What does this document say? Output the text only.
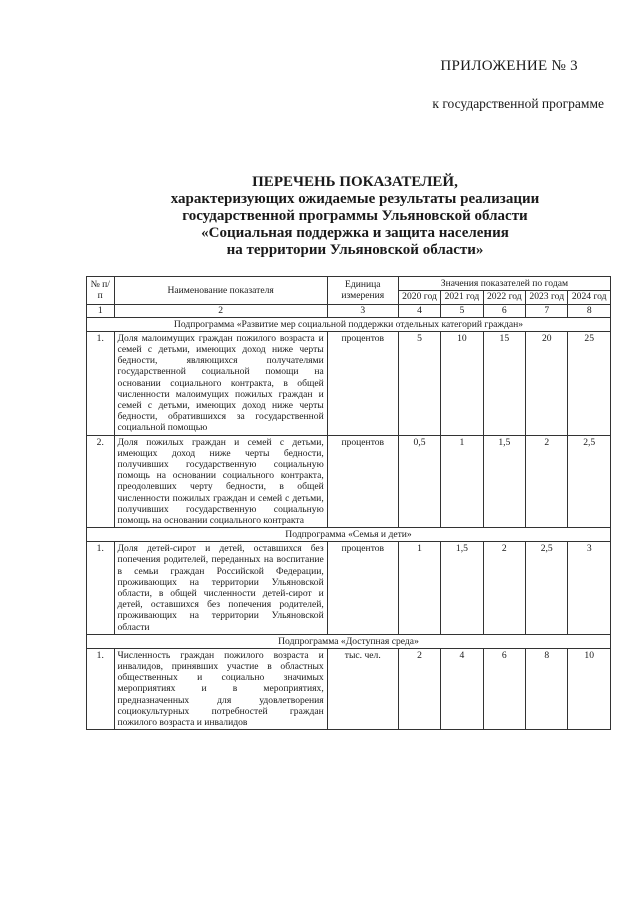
ПРИЛОЖЕНИЕ № 3
к государственной программе
ПЕРЕЧЕНЬ ПОКАЗАТЕЛЕЙ,
характеризующих ожидаемые результаты реализации
государственной программы Ульяновской области
«Социальная поддержка и защита населения
на территории Ульяновской области»
№ п/п	Наименование показателя	Единица измерения	Значения показателей по годам				
			2020 год	2021 год	2022 год	2023 год	2024 год
1	2	3	4	5	6	7	8
Подпрограмма «Развитие мер социальной поддержки отдельных категорий граждан»							
1.	Доля малоимущих граждан пожилого возраста и семей с детьми, имеющих доход ниже черты бедности, являющихся получателями государственной социальной помощи на основании социального контракта, в общей численности малоимущих пожилых граждан и семей с детьми, имеющих доход ниже черты бедности, обратившихся за государственной социальной помощью	процентов	5	10	15	20	25
2.	Доля пожилых граждан и семей с детьми, имеющих доход ниже черты бедности, получивших государственную социальную помощь на основании социального контракта, преодолевших черту бедности, в общей численности пожилых граждан и семей с детьми, получивших государственную социальную помощь на основании социального контракта	процентов	0,5	1	1,5	2	2,5
Подпрограмма «Семья и дети»							
1.	Доля детей-сирот и детей, оставшихся без попечения родителей, переданных на воспитание в семьи граждан Российской Федерации, проживающих на территории Ульяновской области, в общей численности детей-сирот и детей, оставшихся без попечения родителей, проживающих на территории Ульяновской области	процентов	1	1,5	2	2,5	3
Подпрограмма «Доступная среда»							
1.	Численность граждан пожилого возраста и инвалидов, принявших участие в областных общественных и социально значимых мероприятиях и в мероприятиях, предназначенных для удовлетворения социокультурных потребностей граждан пожилого возраста и инвалидов	тыс. чел.	2	4	6	8	10
